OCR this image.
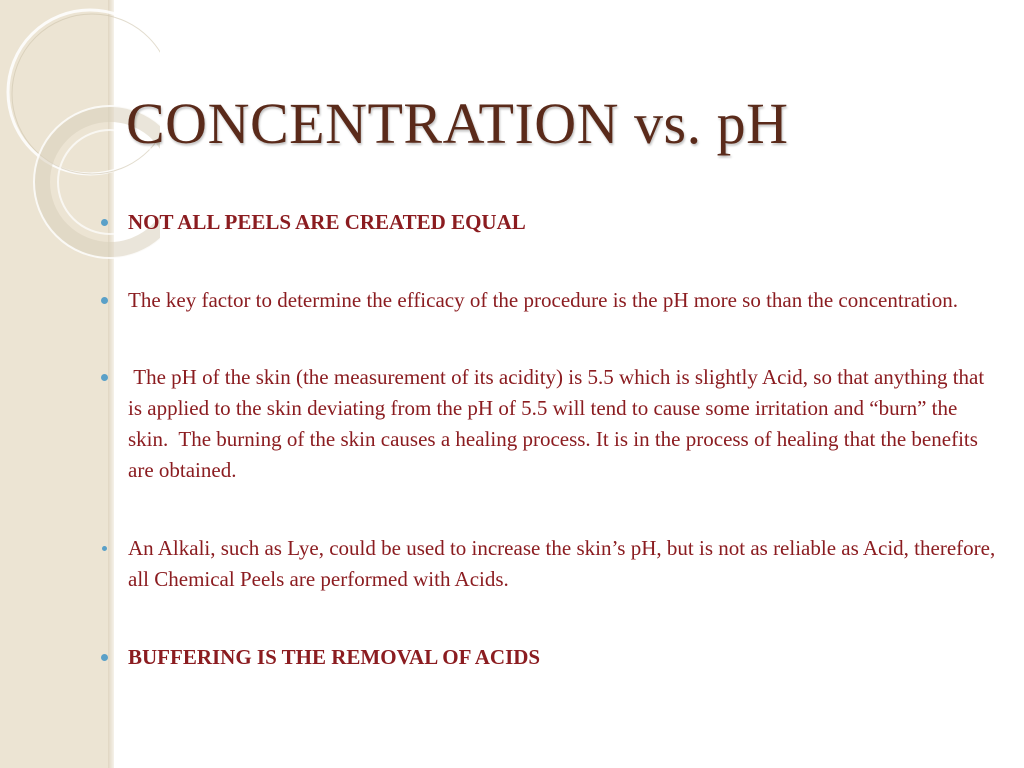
CONCENTRATION vs. pH
NOT ALL PEELS ARE CREATED EQUAL
The key factor to determine the efficacy of the procedure is the pH more so than the concentration.
The pH of the skin (the measurement of its acidity) is 5.5 which is slightly Acid, so that anything that is applied to the skin deviating from the pH of 5.5 will tend to cause some irritation and “burn” the skin.  The burning of the skin causes a healing process. It is in the process of healing that the benefits are obtained.
An Alkali, such as Lye, could be used to increase the skin’s pH, but is not as reliable as Acid, therefore, all Chemical Peels are performed with Acids.
BUFFERING IS THE REMOVAL OF ACIDS
